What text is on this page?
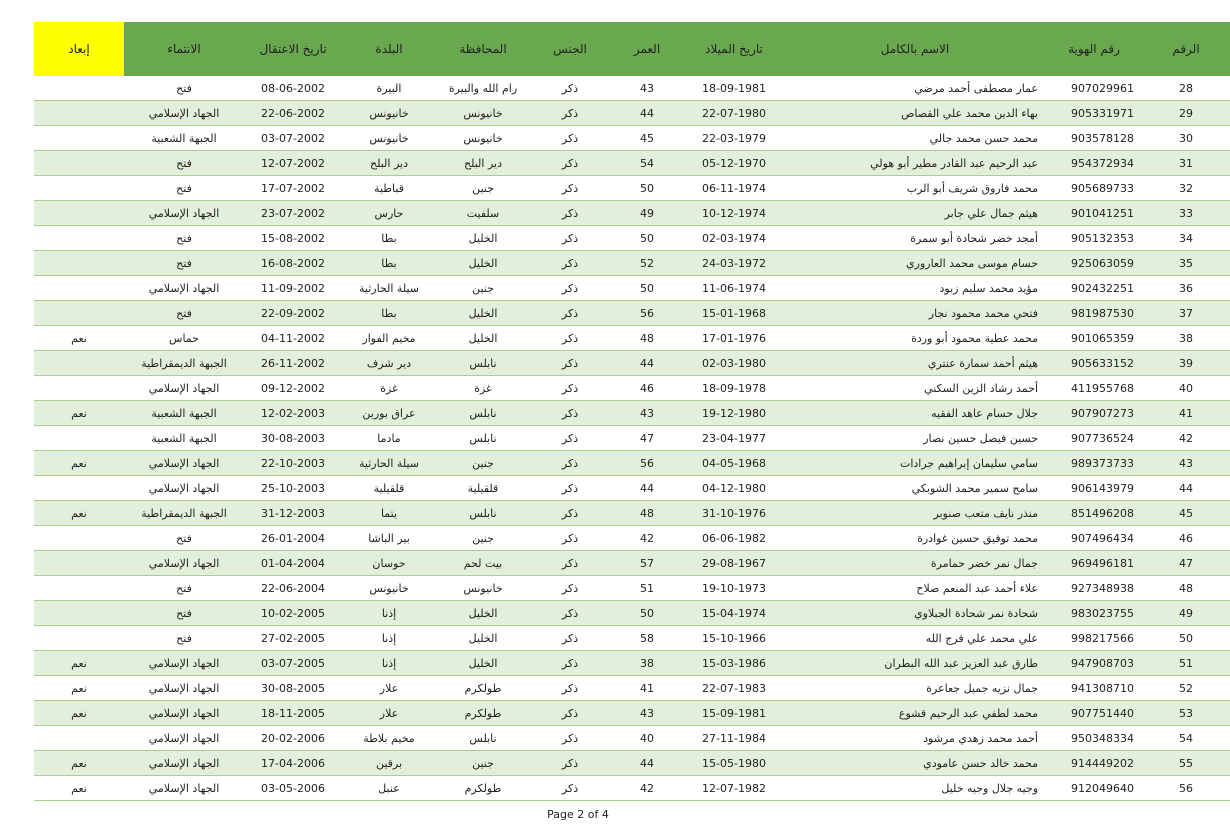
الرقم	رقم الهوية	الاسم بالكامل	تاريخ الميلاد	العمر	الجنس	المحافظة	البلدة	تاريخ الاعتقال	الانتماء	إبعاد
28	907029961	عمار مصطفى أحمد مرضي	18-09-1981	43	ذكر	رام الله والبيرة	البيرة	08-06-2002	فتح	
29	905331971	بهاء الدين محمد علي القصاص	22-07-1980	44	ذكر	خانيونس	خانيونس	22-06-2002	الجهاد الإسلامي	
30	903578128	محمد حسن محمد جالي	22-03-1979	45	ذكر	خانيونس	خانيونس	03-07-2002	الجبهة الشعبية	
31	954372934	عبد الرحيم عبد القادر مطير أبو هولي	05-12-1970	54	ذكر	دير البلح	دير البلح	12-07-2002	فتح	
32	905689733	محمد فاروق شريف أبو الرب	06-11-1974	50	ذكر	جنين	قباطية	17-07-2002	فتح	
33	901041251	هيثم جمال علي جابر	10-12-1974	49	ذكر	سلفيت	حارس	23-07-2002	الجهاد الإسلامي	
34	905132353	أمجد خضر شحادة أبو سمرة	02-03-1974	50	ذكر	الخليل	بطا	15-08-2002	فتح	
35	925063059	حسام موسى محمد العاروري	24-03-1972	52	ذكر	الخليل	بطا	16-08-2002	فتح	
36	902432251	مؤيد محمد سليم زبود	11-06-1974	50	ذكر	جنين	سيلة الحارثية	11-09-2002	الجهاد الإسلامي	
37	981987530	فتحي محمد محمود نجار	15-01-1968	56	ذكر	الخليل	بطا	22-09-2002	فتح	
38	901065359	محمد عطية محمود أبو وردة	17-01-1976	48	ذكر	الخليل	مخيم الفوار	04-11-2002	حماس	نعم
39	905633152	هيثم أحمد سمارة عنتري	02-03-1980	44	ذكر	نابلس	دير شرف	26-11-2002	الجبهة الديمقراطية	
40	411955768	أحمد رشاد الزين السكني	18-09-1978	46	ذكر	غزة	غزة	09-12-2002	الجهاد الإسلامي	
41	907907273	جلال حسام عاهد الفقيه	19-12-1980	43	ذكر	نابلس	عراق بورين	12-02-2003	الجبهة الشعبية	نعم
42	907736524	حسين فيصل حسين نصار	23-04-1977	47	ذكر	نابلس	مادما	30-08-2003	الجبهة الشعبية	
43	989373733	سامي سليمان إبراهيم جرادات	04-05-1968	56	ذكر	جنين	سيلة الحارثية	22-10-2003	الجهاد الإسلامي	نعم
44	906143979	سامح سمير محمد الشوبكي	04-12-1980	44	ذكر	قلقيلية	قلقيلية	25-10-2003	الجهاد الإسلامي	
45	851496208	منذر نايف متعب صنوبر	31-10-1976	48	ذكر	نابلس	يتما	31-12-2003	الجبهة الديمقراطية	نعم
46	907496434	محمد توفيق حسين غوادرة	06-06-1982	42	ذكر	جنين	بير الباشا	26-01-2004	فتح	
47	969496181	جمال نمر خضر حمامرة	29-08-1967	57	ذكر	بيت لحم	حوسان	01-04-2004	الجهاد الإسلامي	
48	927348938	علاء أحمد عبد المنعم صلاح	19-10-1973	51	ذكر	خانيونس	خانيونس	22-06-2004	فتح	
49	983023755	شحادة نمر شحادة الجبلاوي	15-04-1974	50	ذكر	الخليل	إذنا	10-02-2005	فتح	
50	998217566	علي محمد علي فرج الله	15-10-1966	58	ذكر	الخليل	إذنا	27-02-2005	فتح	
51	947908703	طارق عبد العزيز عبد الله البطران	15-03-1986	38	ذكر	الخليل	إذنا	03-07-2005	الجهاد الإسلامي	نعم
52	941308710	جمال نزيه جميل جعاعرة	22-07-1983	41	ذكر	طولكرم	علار	30-08-2005	الجهاد الإسلامي	نعم
53	907751440	محمد لطفي عبد الرحيم قشوع	15-09-1981	43	ذكر	طولكرم	علار	18-11-2005	الجهاد الإسلامي	نعم
54	950348334	أحمد محمد زهدي مرشود	27-11-1984	40	ذكر	نابلس	مخيم بلاطة	20-02-2006	الجهاد الإسلامي	
55	914449202	محمد خالد حسن عامودي	15-05-1980	44	ذكر	جنين	برقين	17-04-2006	الجهاد الإسلامي	نعم
56	912049640	وجيه جلال وجيه خليل	12-07-1982	42	ذكر	طولكرم	عنبل	03-05-2006	الجهاد الإسلامي	نعم
Page 2 of 4
